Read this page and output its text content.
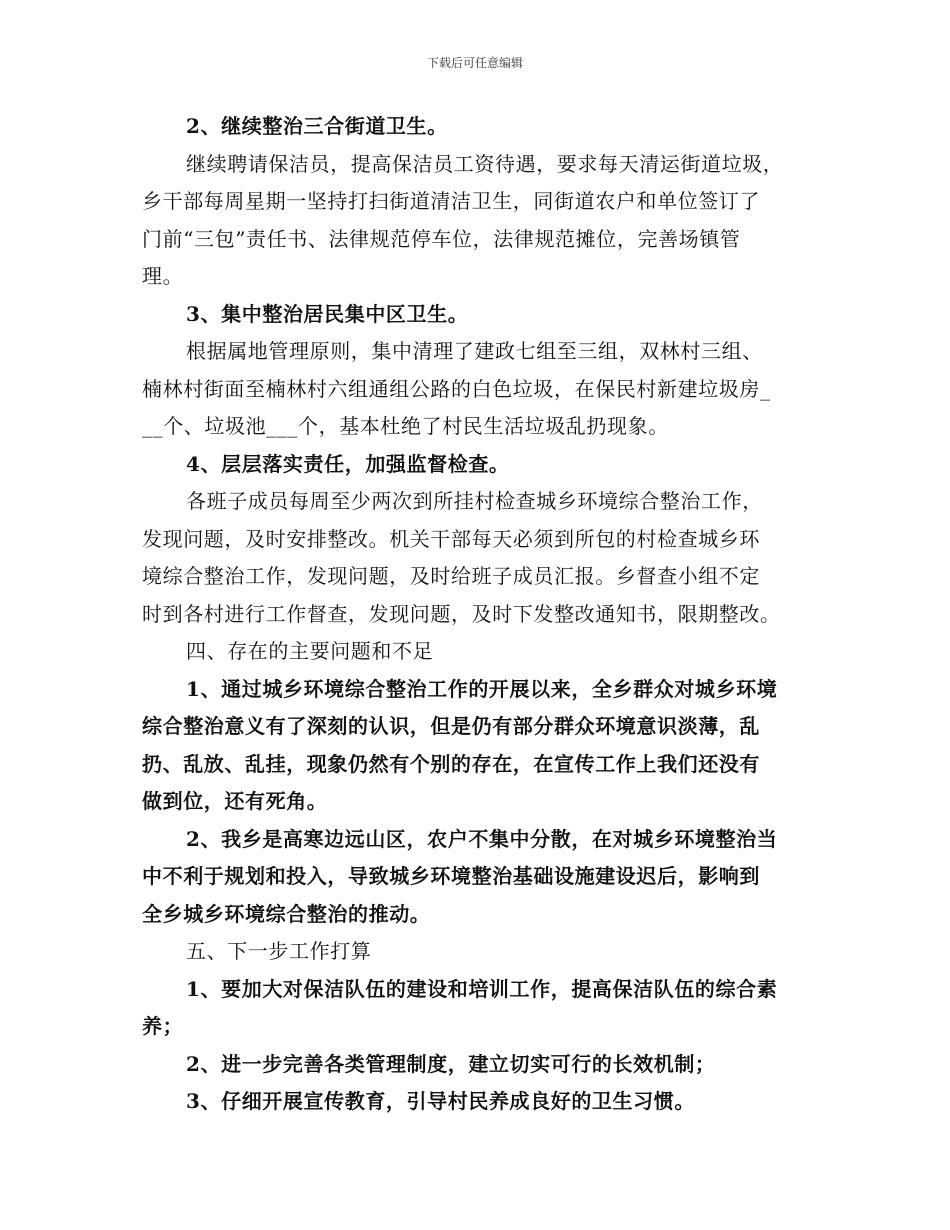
下载后可任意编辑
2、继续整治三合街道卫生。
继续聘请保洁员，提高保洁员工资待遇，要求每天清运街道垃圾，
乡干部每周星期一坚持打扫街道清洁卫生，同街道农户和单位签订了
门前“三包”责任书、法律规范停车位，法律规范摊位，完善场镇管
理。
3、集中整治居民集中区卫生。
根据属地管理原则，集中清理了建政七组至三组，双林村三组、
楠林村街面至楠林村六组通组公路的白色垃圾，在保民村新建垃圾房_
__个、垃圾池___个，基本杜绝了村民生活垃圾乱扔现象。
4、层层落实责任，加强监督检查。
各班子成员每周至少两次到所挂村检查城乡环境综合整治工作，
发现问题，及时安排整改。机关干部每天必须到所包的村检查城乡环
境综合整治工作，发现问题，及时给班子成员汇报。乡督查小组不定
时到各村进行工作督查，发现问题，及时下发整改通知书，限期整改。
四、存在的主要问题和不足
1、通过城乡环境综合整治工作的开展以来，全乡群众对城乡环境
综合整治意义有了深刻的认识，但是仍有部分群众环境意识淡薄，乱
扔、乱放、乱挂，现象仍然有个别的存在，在宣传工作上我们还没有
做到位，还有死角。
2、我乡是高寒边远山区，农户不集中分散，在对城乡环境整治当
中不利于规划和投入，导致城乡环境整治基础设施建设迟后，影响到
全乡城乡环境综合整治的推动。
五、下一步工作打算
1、要加大对保洁队伍的建设和培训工作，提高保洁队伍的综合素
养；
2、进一步完善各类管理制度，建立切实可行的长效机制；
3、仔细开展宣传教育，引导村民养成良好的卫生习惯。
